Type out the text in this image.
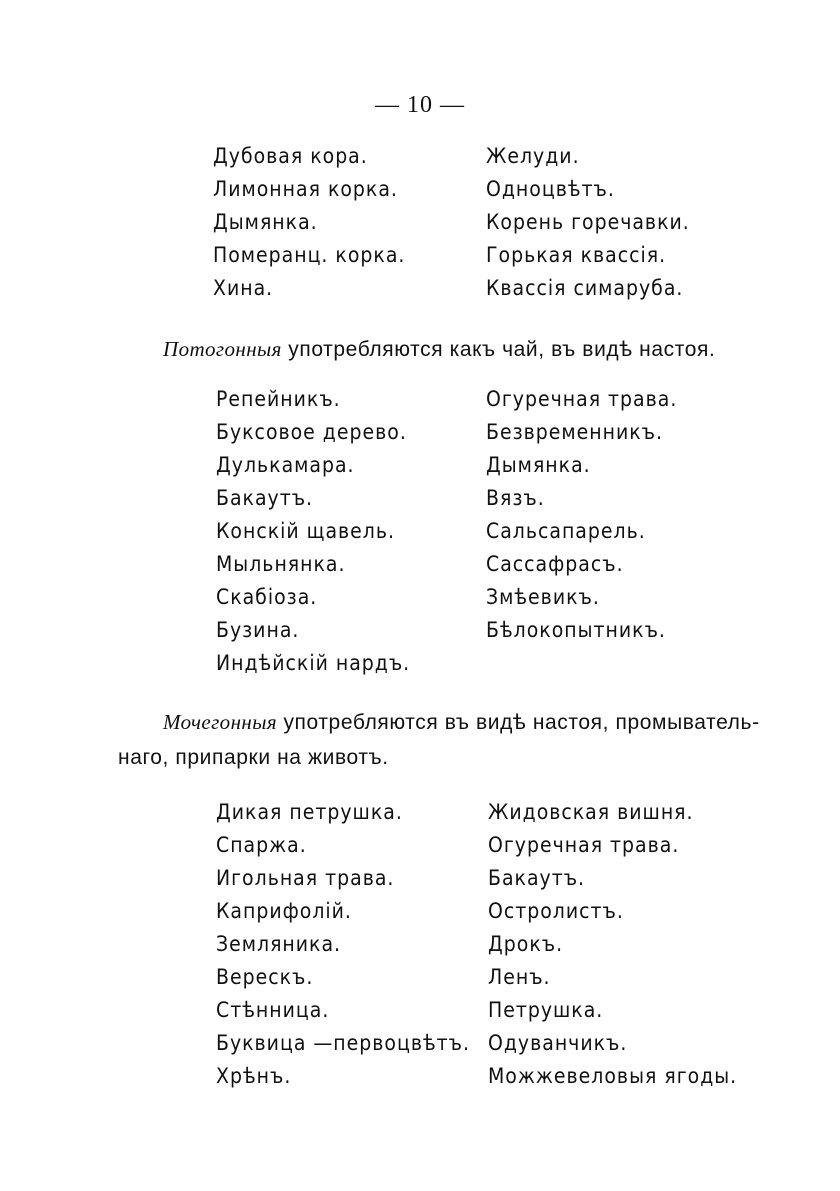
— 10 —
Дубовая кора.
Лимонная корка.
Дымянка.
Померанц. корка.
Хина.
Желуди.
Однoцвѣтъ.
Корень горечавки.
Горькая квассія.
Квассія симаруба.
Потогонныя употребляются какъ чай, въ видѣ настоя.
Репейникъ.
Буксовое дерево.
Дулькамара.
Бакаутъ.
Конскій щавель.
Мыльнянка.
Скабіоза.
Бузина.
Индѣйскій нардъ.
Огуречная трава.
Безвременникъ.
Дымянка.
Вязъ.
Сальсапарель.
Сассафрасъ.
Змѣевикъ.
Бѣлокопытникъ.
Мочегонныя употребляются въ видѣ настоя, промыватель-
наго, припарки на животъ.
Дикая петрушка.
Спаржа.
Игольная трава.
Каприфолій.
Земляника.
Верескъ.
Стѣнница.
Буквица —первоцвѣтъ.
Хрѣнъ.
Жидовская вишня.
Огуречная трава.
Бакаутъ.
Остролистъ.
Дрокъ.
Ленъ.
Петрушка.
Одуванчикъ.
Можжевеловыя ягоды.
